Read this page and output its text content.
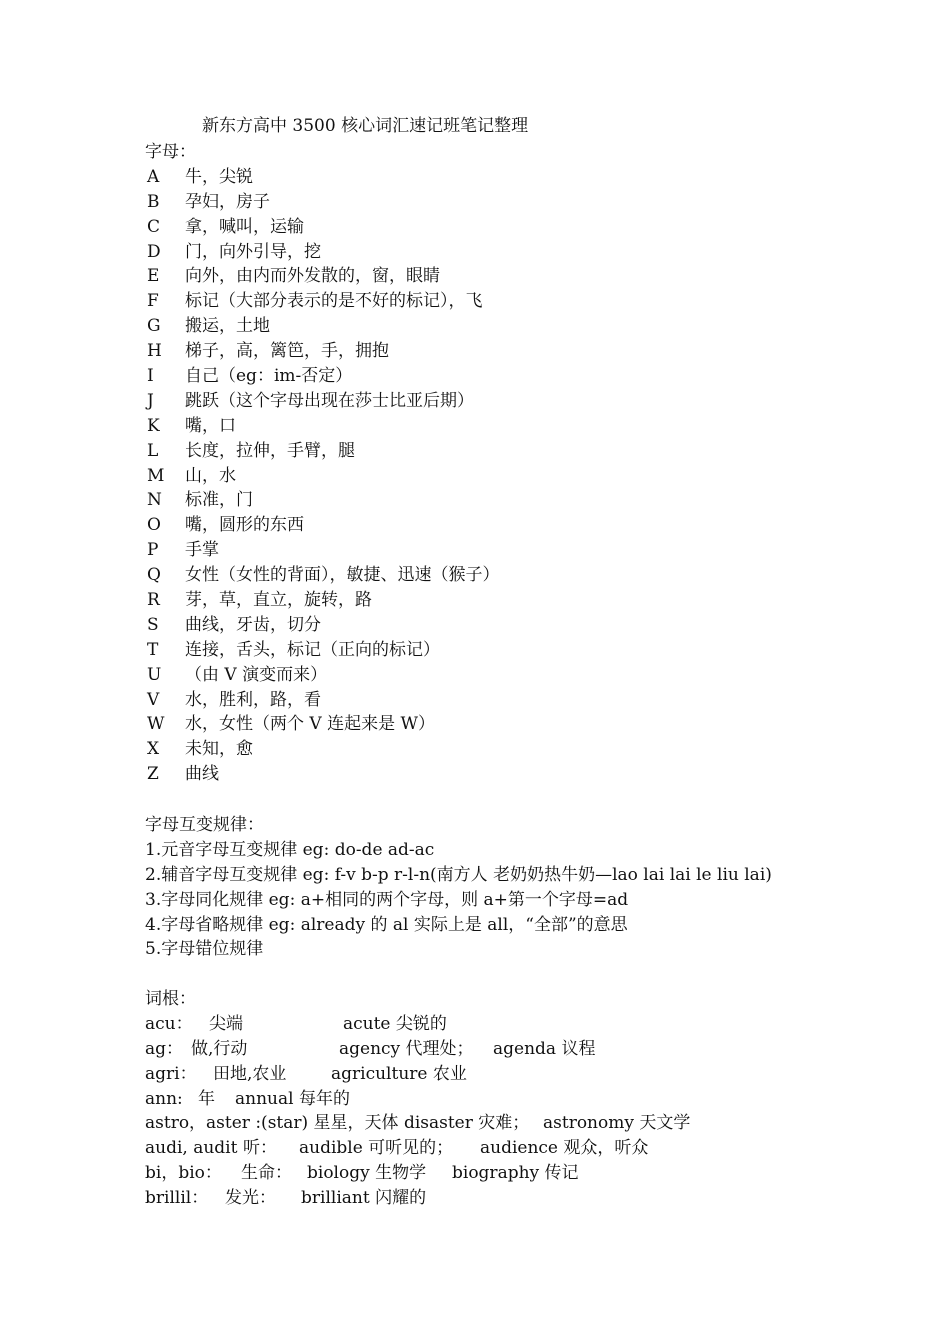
新东方高中 3500 核心词汇速记班笔记整理
字母：
A 牛，尖锐
B 孕妇，房子
C 拿，喊叫，运输
D 门，向外引导，挖
E 向外，由内而外发散的，窗，眼睛
F 标记（大部分表示的是不好的标记），飞
G 搬运，土地
H 梯子，高，篱笆，手，拥抱
I 自己（eg：im-否定）
J 跳跃（这个字母出现在莎士比亚后期）
K 嘴，口
L 长度，拉伸，手臂，腿
M 山，水
N 标准，门
O 嘴，圆形的东西
P 手掌
Q 女性（女性的背面），敏捷、迅速（猴子）
R 芽，草，直立，旋转，路
S 曲线，牙齿，切分
T 连接，舌头，标记（正向的标记）
U （由 V 演变而来）
V 水，胜利，路，看
W 水，女性（两个 V 连起来是 W）
X 未知，愈
Z 曲线
字母互变规律：
1.元音字母互变规律 eg: do-de ad-ac
2.辅音字母互变规律 eg: f-v b-p r-l-n(南方人 老奶奶热牛奶—lao lai lai le liu lai)
3.字母同化规律 eg: a+相同的两个字母，则 a+第一个字母=ad
4.字母省略规律 eg: already 的 al 实际上是 all，“全部”的意思
5.字母错位规律
词根：
acu： 尖端	acute 尖锐的
ag： 做,行动	agency 代理处； agenda 议程
agri： 田地,农业	agriculture 农业
ann: 年 annual 每年的
astro，aster :(star) 星星，天体 disaster 灾难； astronomy 天文学
audi, audit 听： audible 可听见的； audience 观众，听众
bi，bio： 生命： biology 生物学 biography 传记
brillil： 发光： brilliant 闪耀的
